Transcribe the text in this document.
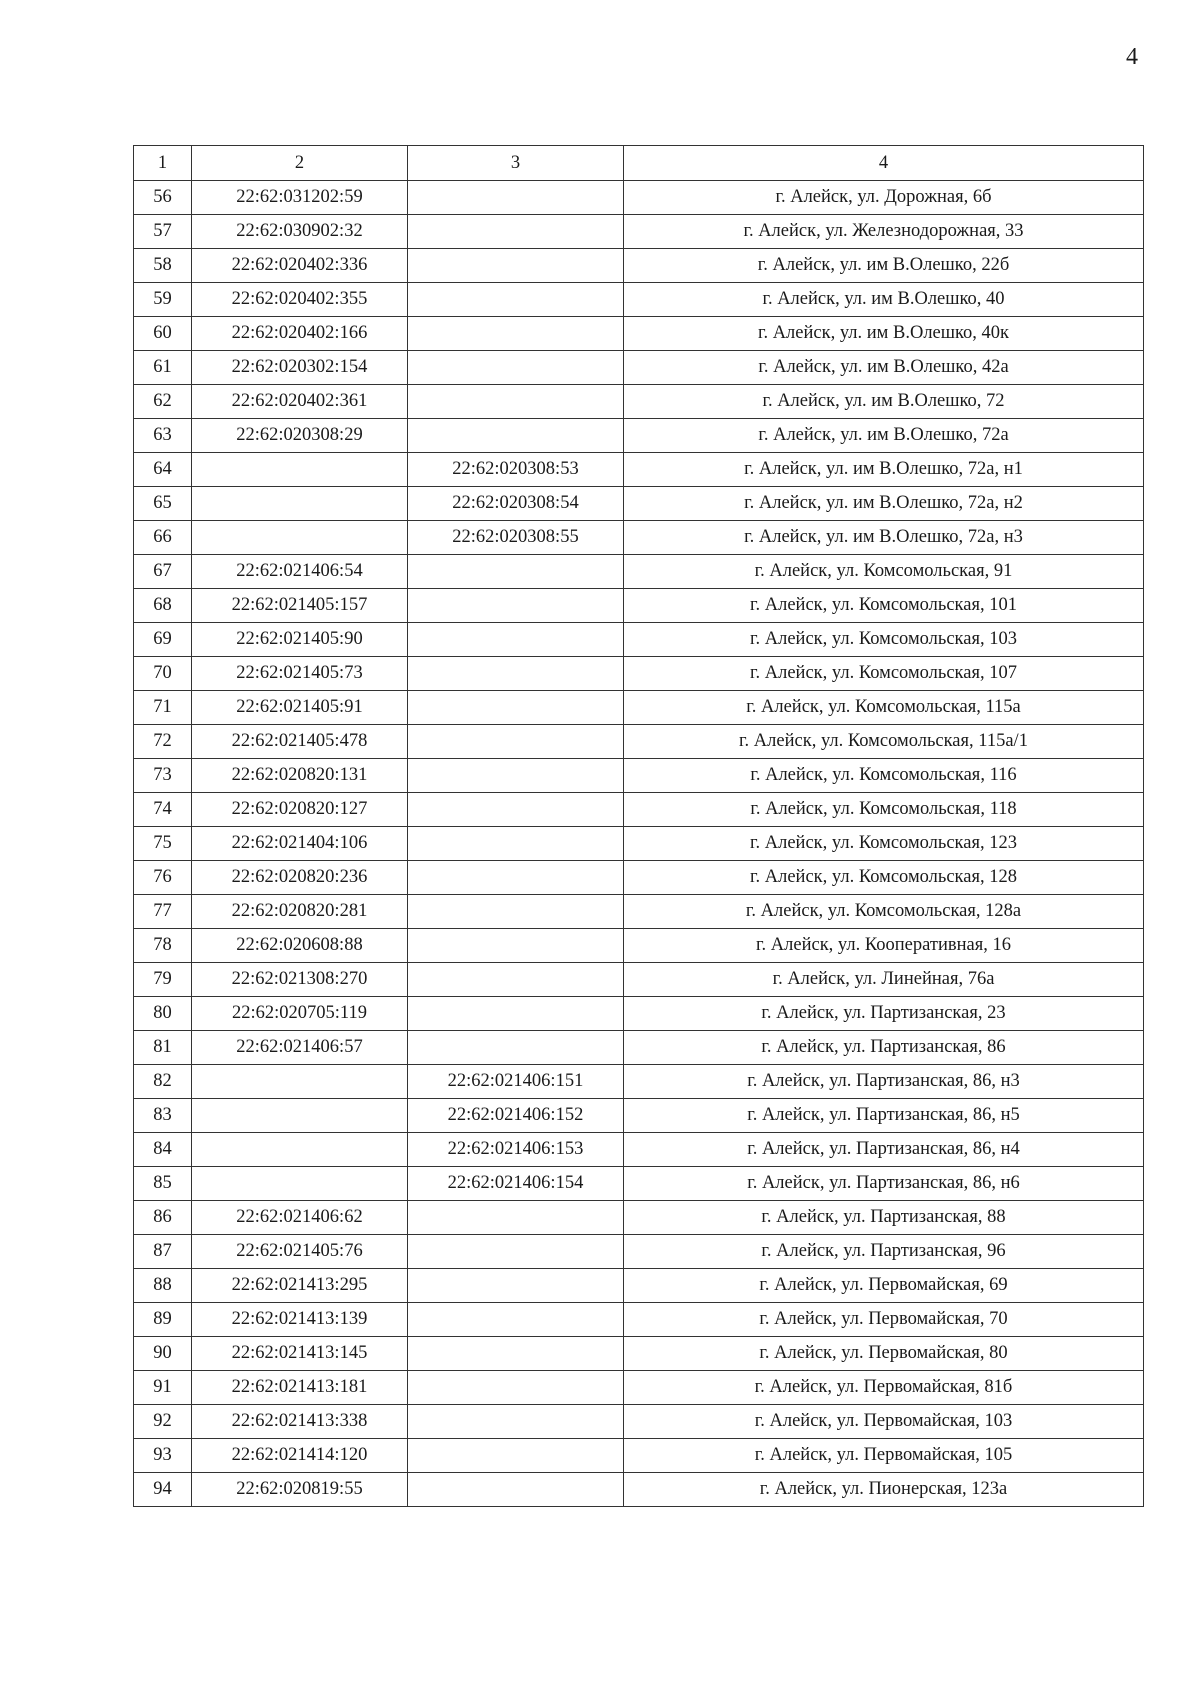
4
1	2	3	4
56	22:62:031202:59		г. Алейск, ул. Дорожная, 6б
57	22:62:030902:32		г. Алейск, ул. Железнодорожная, 33
58	22:62:020402:336		г. Алейск, ул. им В.Олешко, 22б
59	22:62:020402:355		г. Алейск, ул. им В.Олешко, 40
60	22:62:020402:166		г. Алейск, ул. им В.Олешко, 40к
61	22:62:020302:154		г. Алейск, ул. им В.Олешко, 42а
62	22:62:020402:361		г. Алейск, ул. им В.Олешко, 72
63	22:62:020308:29		г. Алейск, ул. им В.Олешко, 72а
64		22:62:020308:53	г. Алейск, ул. им В.Олешко, 72а, н1
65		22:62:020308:54	г. Алейск, ул. им В.Олешко, 72а, н2
66		22:62:020308:55	г. Алейск, ул. им В.Олешко, 72а, н3
67	22:62:021406:54		г. Алейск, ул. Комсомольская, 91
68	22:62:021405:157		г. Алейск, ул. Комсомольская, 101
69	22:62:021405:90		г. Алейск, ул. Комсомольская, 103
70	22:62:021405:73		г. Алейск, ул. Комсомольская, 107
71	22:62:021405:91		г. Алейск, ул. Комсомольская, 115а
72	22:62:021405:478		г. Алейск, ул. Комсомольская, 115а/1
73	22:62:020820:131		г. Алейск, ул. Комсомольская, 116
74	22:62:020820:127		г. Алейск, ул. Комсомольская, 118
75	22:62:021404:106		г. Алейск, ул. Комсомольская, 123
76	22:62:020820:236		г. Алейск, ул. Комсомольская, 128
77	22:62:020820:281		г. Алейск, ул. Комсомольская, 128а
78	22:62:020608:88		г. Алейск, ул. Кооперативная, 16
79	22:62:021308:270		г. Алейск, ул. Линейная, 76а
80	22:62:020705:119		г. Алейск, ул. Партизанская, 23
81	22:62:021406:57		г. Алейск, ул. Партизанская, 86
82		22:62:021406:151	г. Алейск, ул. Партизанская, 86, н3
83		22:62:021406:152	г. Алейск, ул. Партизанская, 86, н5
84		22:62:021406:153	г. Алейск, ул. Партизанская, 86, н4
85		22:62:021406:154	г. Алейск, ул. Партизанская, 86, н6
86	22:62:021406:62		г. Алейск, ул. Партизанская, 88
87	22:62:021405:76		г. Алейск, ул. Партизанская, 96
88	22:62:021413:295		г. Алейск, ул. Первомайская, 69
89	22:62:021413:139		г. Алейск, ул. Первомайская, 70
90	22:62:021413:145		г. Алейск, ул. Первомайская, 80
91	22:62:021413:181		г. Алейск, ул. Первомайская, 81б
92	22:62:021413:338		г. Алейск, ул. Первомайская, 103
93	22:62:021414:120		г. Алейск, ул. Первомайская, 105
94	22:62:020819:55		г. Алейск, ул. Пионерская, 123а
